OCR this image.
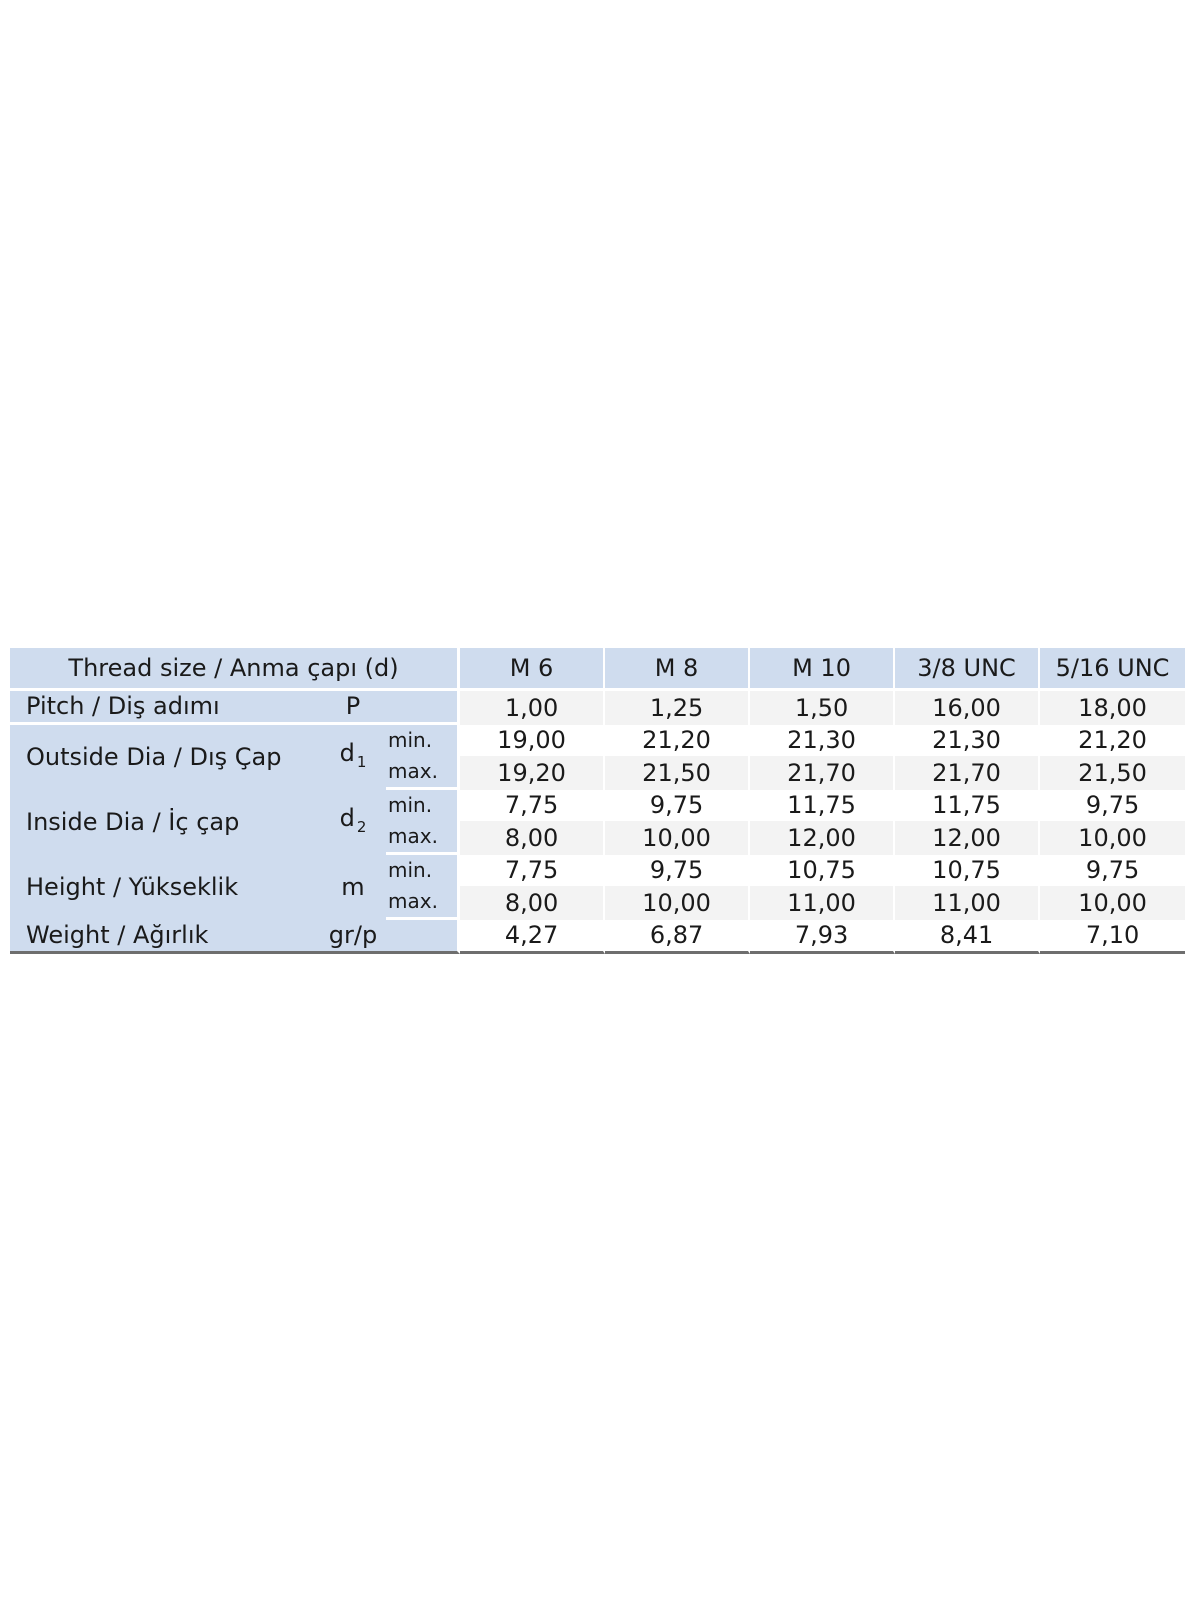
Thread size / Anma çapı (d)			M 6	M 8	M 10	3/8 UNC	5/16 UNC
Pitch / Diş adımı	P		1,00	1,25	1,50	16,00	18,00
Outside Dia / Dış Çap	d $_1$	min.	19,00	21,20	21,30	21,30	21,20
		max.	19,20	21,50	21,70	21,70	21,50
Inside Dia / İç çap	d $_2$	min.	7,75	9,75	11,75	11,75	9,75
		max.	8,00	10,00	12,00	12,00	10,00
Height / Yükseklik	m	min.	7,75	9,75	10,75	10,75	9,75
		max.	8,00	10,00	11,00	11,00	10,00
Weight / Ağırlık	gr/p		4,27	6,87	7,93	8,41	7,10
